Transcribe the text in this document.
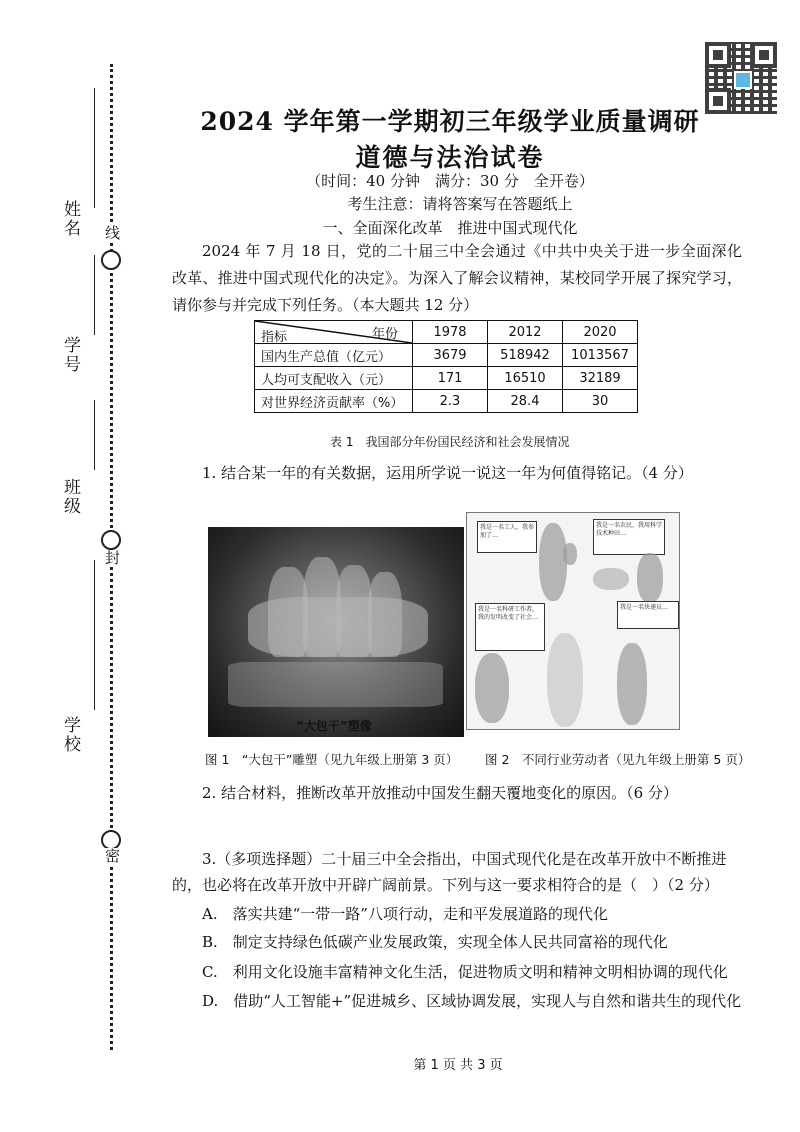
姓名
学号
班级
学校
线
封
密
2024 学年第一学期初三年级学业质量调研
道德与法治试卷
（时间：40 分钟　满分：30 分　全开卷）
考生注意：请将答案写在答题纸上
一、全面深化改革　推进中国式现代化
2024 年 7 月 18 日，党的二十届三中全会通过《中共中央关于进一步全面深化改革、推进中国式现代化的决定》。为深入了解会议精神，某校同学开展了探究学习，请你参与并完成下列任务。（本大题共 12 分）
指标 年份	1978	2012	2020
国内生产总值（亿元）	3679	518942	1013567
人均可支配收入（元）	171	16510	32189
对世界经济贡献率（%）	2.3	28.4	30
表 1　我国部分年份国民经济和社会发展情况
1. 结合某一年的有关数据，运用所学说一说这一年为何值得铭记。（4 分）
“大包干”塑像
我是一名工人，我参加了…
我是一名农民，我用科学技术种田…
我是一名科研工作者，我的发明改变了社会…
我是一名快递员…
图 1　“大包干”雕塑（见九年级上册第 3 页） 图 2　不同行业劳动者（见九年级上册第 5 页）
2. 结合材料，推断改革开放推动中国发生翻天覆地变化的原因。（6 分）
3.（多项选择题）二十届三中全会指出，中国式现代化是在改革开放中不断推进
的，也必将在改革开放中开辟广阔前景。下列与这一要求相符合的是（　）（2 分）
A.　落实共建“一带一路”八项行动，走和平发展道路的现代化
B.　制定支持绿色低碳产业发展政策，实现全体人民共同富裕的现代化
C.　利用文化设施丰富精神文化生活，促进物质文明和精神文明相协调的现代化
D.　借助“人工智能+”促进城乡、区域协调发展，实现人与自然和谐共生的现代化
第 1 页 共 3 页
